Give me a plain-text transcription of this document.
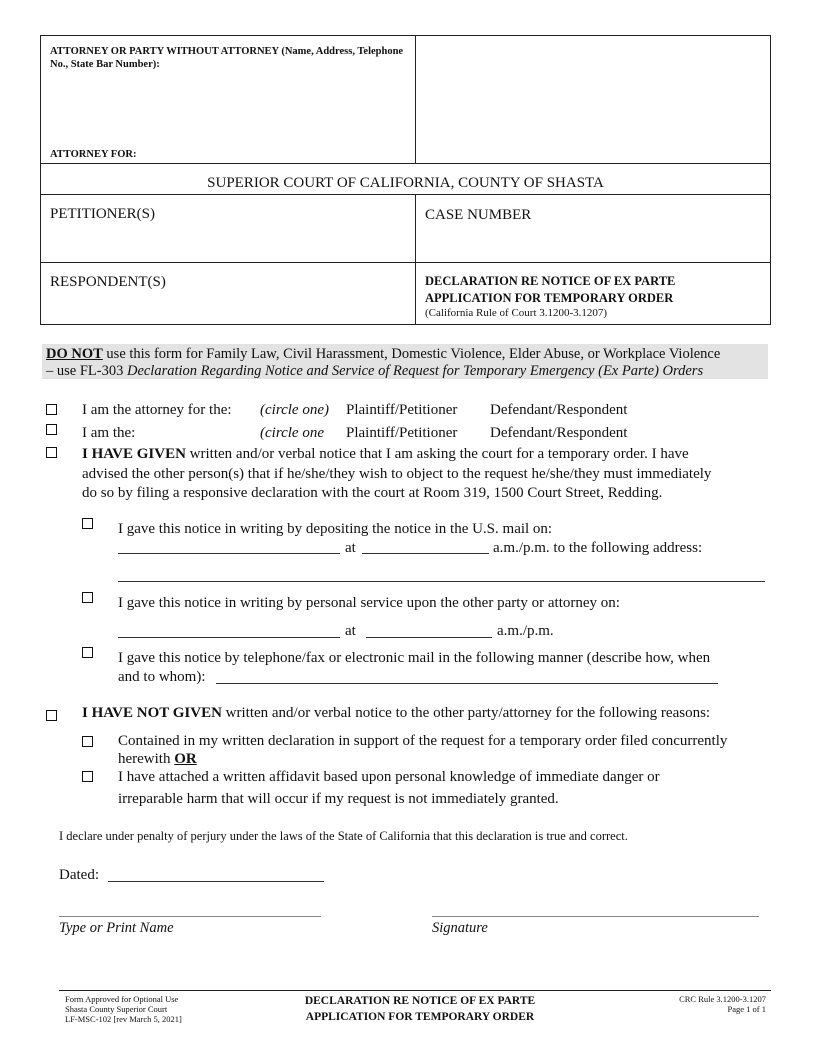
ATTORNEY OR PARTY WITHOUT ATTORNEY (Name, Address, Telephone No., State Bar Number):
ATTORNEY FOR:
SUPERIOR COURT OF CALIFORNIA, COUNTY OF SHASTA
PETITIONER(S)	CASE NUMBER
RESPONDENT(S)	DECLARATION RE NOTICE OF EX PARTE
APPLICATION FOR TEMPORARY ORDER
(California Rule of Court 3.1200-3.1207)
DO NOT use this form for Family Law, Civil Harassment, Domestic Violence, Elder Abuse, or Workplace Violence
– use FL-303 Declaration Regarding Notice and Service of Request for Temporary Emergency (Ex Parte) Orders
I am the attorney for the: (circle one) Plaintiff/Petitioner Defendant/Respondent
I am the:	(circle one Plaintiff/Petitioner Defendant/Respondent
I HAVE GIVEN written and/or verbal notice that I am asking the court for a temporary order. I have
advised the other person(s) that if he/she/they wish to object to the request he/she/they must immediately
do so by filing a responsive declaration with the court at Room 319, 1500 Court Street, Redding.
I gave this notice in writing by depositing the notice in the U.S. mail on:
at	a.m./p.m. to the following address:
I gave this notice in writing by personal service upon the other party or attorney on:
at	a.m./p.m.
I gave this notice by telephone/fax or electronic mail in the following manner (describe how, when
and to whom):
I HAVE NOT GIVEN written and/or verbal notice to the other party/attorney for the following reasons:
Contained in my written declaration in support of the request for a temporary order filed concurrently
herewith OR
I have attached a written affidavit based upon personal knowledge of immediate danger or
irreparable harm that will occur if my request is not immediately granted.
I declare under penalty of perjury under the laws of the State of California that this declaration is true and correct.
Dated:
Type or Print Name	Signature
Form Approved for Optional Use
Shasta County Superior Court
LF-MSC-102 [rev March 5, 2021]
DECLARATION RE NOTICE OF EX PARTE
APPLICATION FOR TEMPORARY ORDER
CRC Rule 3.1200-3.1207
Page 1 of 1
